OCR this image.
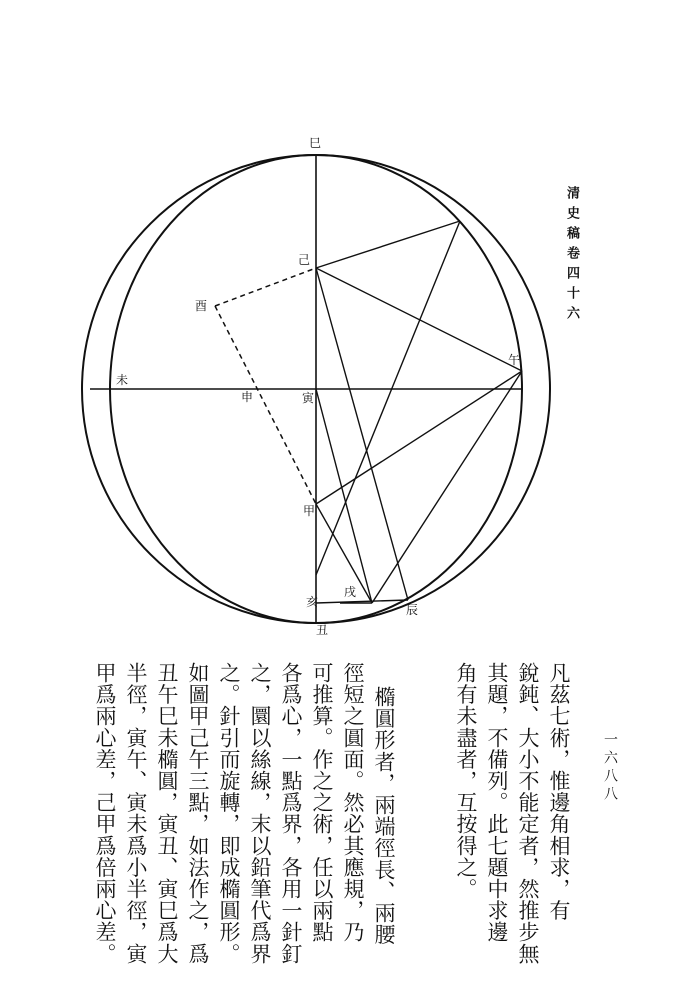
巳
己
酉
午
未
申	寅
甲
戌
亥
丑
辰
清史稿卷四十六
一六八八
凡茲七術，惟邊角相求，有
銳鈍、大小不能定者，然推步無
其題，不備列。此七題中求邊
角有未盡者，互按得之。
橢圓形者，兩端徑長、兩腰
徑短之圓面。然必其應規，乃
可推算。作之之術，任以兩點
各爲心，一點爲界，各用一針釘
之，圜以絲線，末以鉛筆代爲界
之。針引而旋轉，即成橢圓形。
如圖甲己午三點，如法作之，爲
丑午巳未橢圓，寅丑、寅巳爲大
半徑，寅午、寅未爲小半徑，寅
甲爲兩心差，己甲爲倍兩心差。
